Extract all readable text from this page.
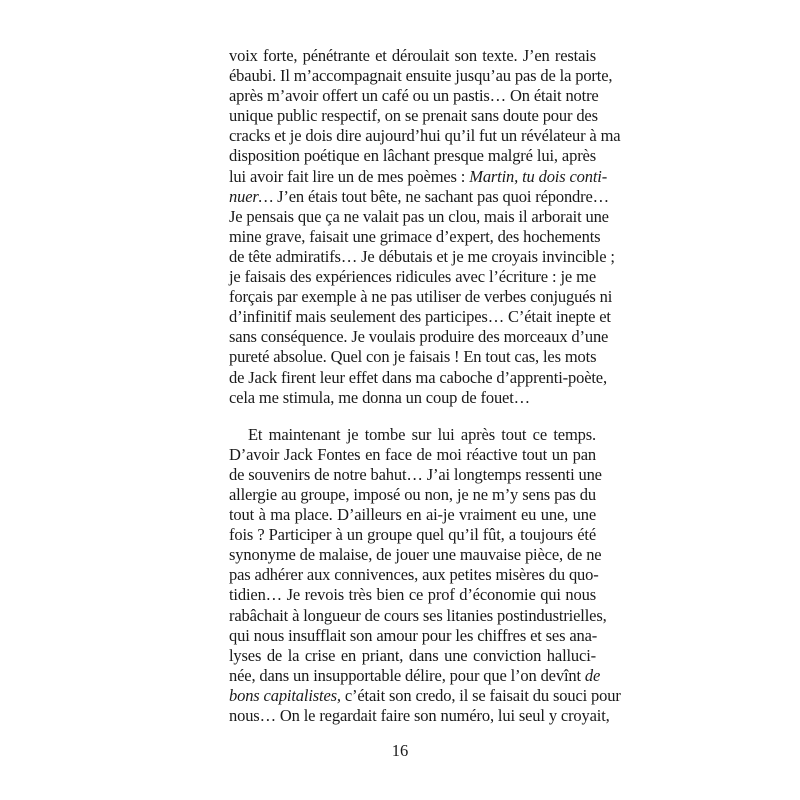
voix forte, pénétrante et déroulait son texte. J’en restais
ébaubi. Il m’accompagnait ensuite jusqu’au pas de la porte,
après m’avoir offert un café ou un pastis… On était notre
unique public respectif, on se prenait sans doute pour des
cracks et je dois dire aujourd’hui qu’il fut un révélateur à ma
disposition poétique en lâchant presque malgré lui, après
lui avoir fait lire un de mes poèmes : Martin, tu dois conti-
nuer… J’en étais tout bête, ne sachant pas quoi répondre…
Je pensais que ça ne valait pas un clou, mais il arborait une
mine grave, faisait une grimace d’expert, des hochements
de tête admiratifs… Je débutais et je me croyais invincible ;
je faisais des expériences ridicules avec l’écriture : je me
forçais par exemple à ne pas utiliser de verbes conjugués ni
d’infinitif mais seulement des participes… C’était inepte et
sans conséquence. Je voulais produire des morceaux d’une
pureté absolue. Quel con je faisais ! En tout cas, les mots
de Jack firent leur effet dans ma caboche d’apprenti-poète,
cela me stimula, me donna un coup de fouet…
Et maintenant je tombe sur lui après tout ce temps.
D’avoir Jack Fontes en face de moi réactive tout un pan
de souvenirs de notre bahut… J’ai longtemps ressenti une
allergie au groupe, imposé ou non, je ne m’y sens pas du
tout à ma place. D’ailleurs en ai-je vraiment eu une, une
fois ? Participer à un groupe quel qu’il fût, a toujours été
synonyme de malaise, de jouer une mauvaise pièce, de ne
pas adhérer aux connivences, aux petites misères du quo-
tidien… Je revois très bien ce prof d’économie qui nous
rabâchait à longueur de cours ses litanies postindustrielles,
qui nous insufflait son amour pour les chiffres et ses ana-
lyses de la crise en priant, dans une conviction halluci-
née, dans un insupportable délire, pour que l’on devînt de
bons capitalistes, c’était son credo, il se faisait du souci pour
nous… On le regardait faire son numéro, lui seul y croyait,
16
